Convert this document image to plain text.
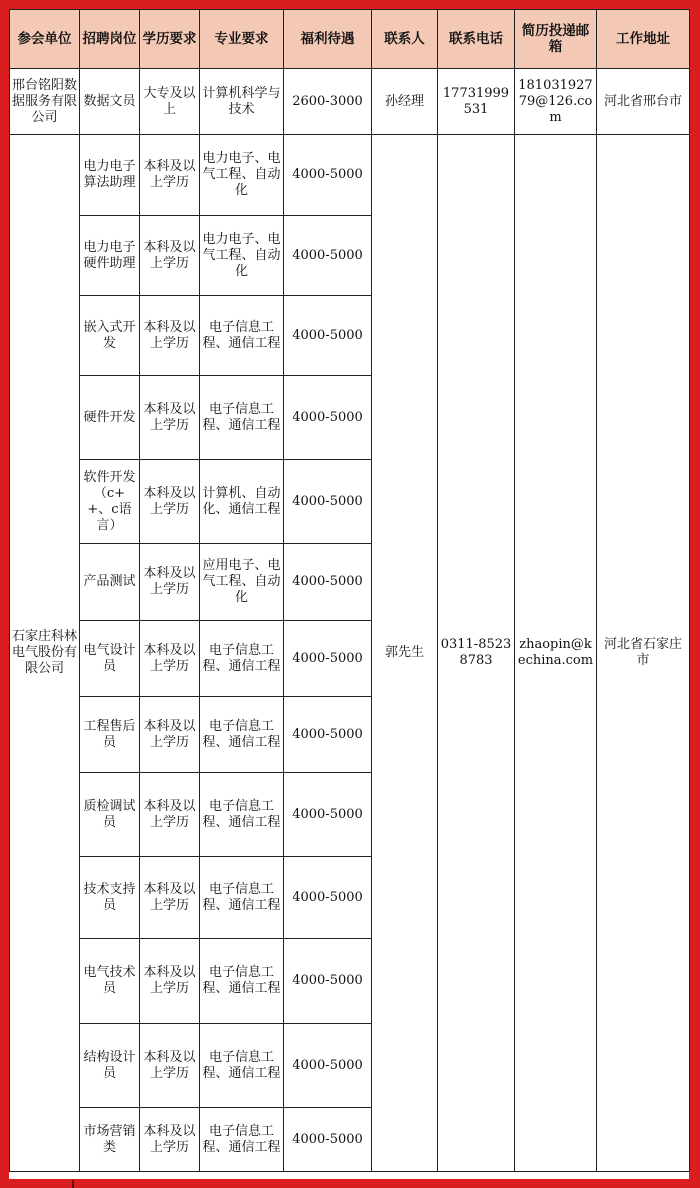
参会单位	招聘岗位	学历要求	专业要求	福利待遇	联系人	联系电话	简历投递邮箱	工作地址
邢台铭阳数据服务有限公司	数据文员	大专及以上	计算机科学与技术	2600-3000	孙经理	17731999531	18103192779@126.com	河北省邢台市
石家庄科林电气股份有限公司	电力电子算法助理	本科及以上学历	电力电子、电气工程、自动化	4000-5000	郭先生	0311-85238783	zhaopin@kechina.com	河北省石家庄市
	电力电子硬件助理	本科及以上学历	电力电子、电气工程、自动化	4000-5000				
	嵌入式开发	本科及以上学历	电子信息工程、通信工程	4000-5000				
	硬件开发	本科及以上学历	电子信息工程、通信工程	4000-5000				
	软件开发（c++、c语言）	本科及以上学历	计算机、自动化、通信工程	4000-5000				
	产品测试	本科及以上学历	应用电子、电气工程、自动化	4000-5000				
	电气设计员	本科及以上学历	电子信息工程、通信工程	4000-5000				
	工程售后员	本科及以上学历	电子信息工程、通信工程	4000-5000				
	质检调试员	本科及以上学历	电子信息工程、通信工程	4000-5000				
	技术支持员	本科及以上学历	电子信息工程、通信工程	4000-5000				
	电气技术员	本科及以上学历	电子信息工程、通信工程	4000-5000				
	结构设计员	本科及以上学历	电子信息工程、通信工程	4000-5000				
	市场营销类	本科及以上学历	电子信息工程、通信工程	4000-5000				
